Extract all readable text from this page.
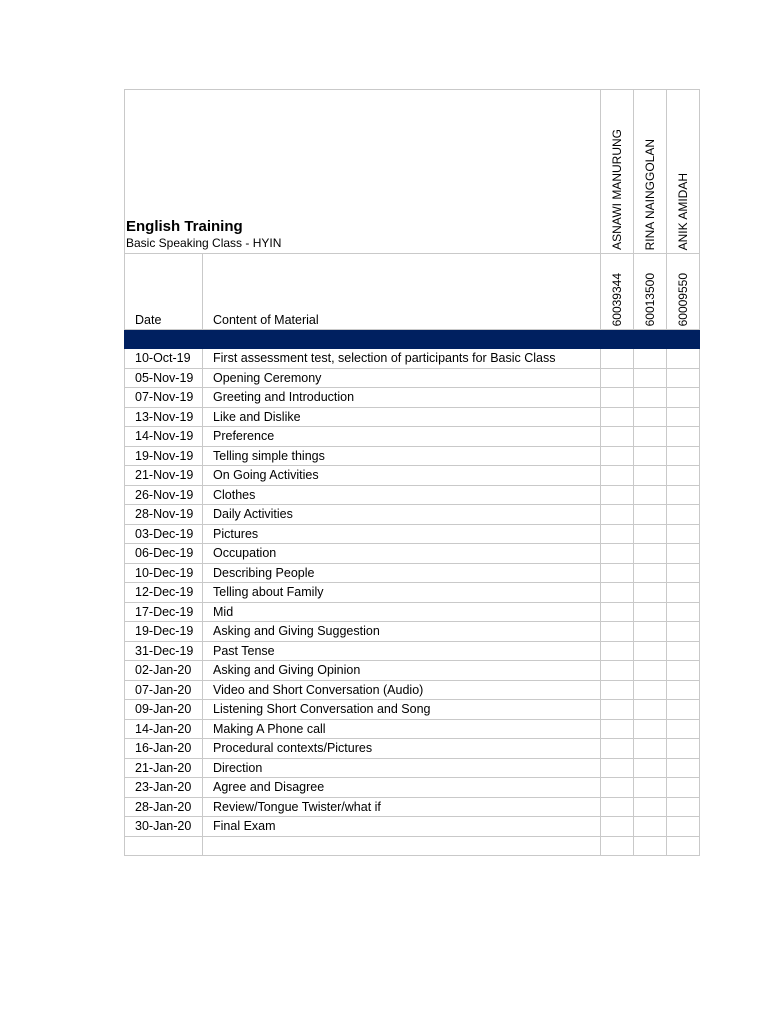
English Training
Basic Speaking Class - HYIN		ASNAWI MANURUNG	RINA NAINGGOLAN	ANIK AMIDAH

Date	Content of Material	60039344	60013500	60009550

10-Oct-19	First assessment test, selection of participants for Basic Class			
05-Nov-19	Opening Ceremony			
07-Nov-19	Greeting and Introduction			
13-Nov-19	Like and Dislike			
14-Nov-19	Preference			
19-Nov-19	Telling simple things			
21-Nov-19	On Going Activities			
26-Nov-19	Clothes			
28-Nov-19	Daily Activities			
03-Dec-19	Pictures			
06-Dec-19	Occupation			
10-Dec-19	Describing People			
12-Dec-19	Telling about Family			
17-Dec-19	Mid			
19-Dec-19	Asking and Giving Suggestion			
31-Dec-19	Past Tense			
02-Jan-20	Asking and Giving Opinion			
07-Jan-20	Video and Short Conversation (Audio)			
09-Jan-20	Listening Short Conversation and Song			
14-Jan-20	Making A Phone call			
16-Jan-20	Procedural contexts/Pictures			
21-Jan-20	Direction			
23-Jan-20	Agree and Disagree			
28-Jan-20	Review/Tongue Twister/what if			
30-Jan-20	Final Exam			
